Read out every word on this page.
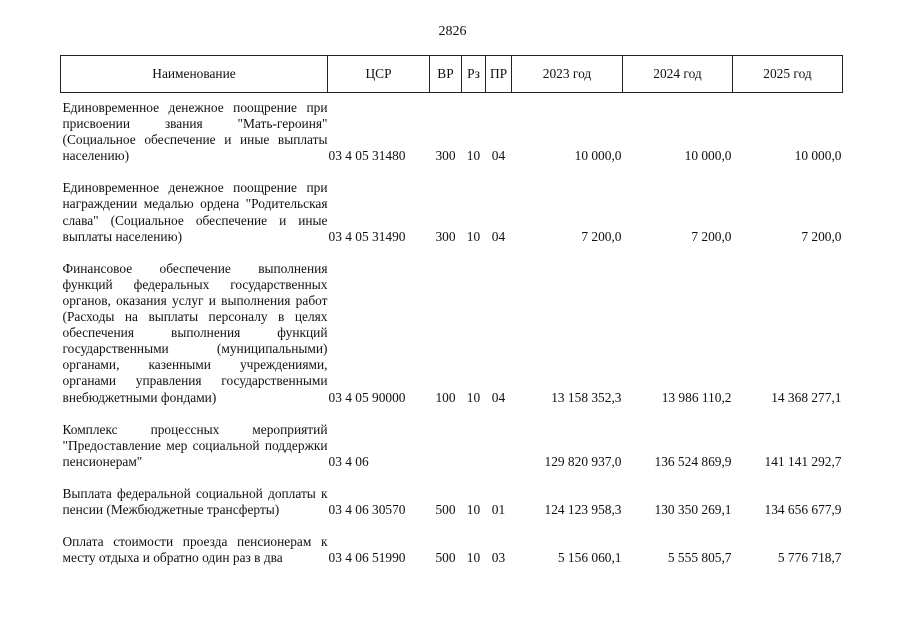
2826
Наименование	ЦСР	ВР	Рз	ПР	2023 год	2024 год	2025 год
Единовременное денежное поощрение при присвоении звания "Мать-героиня" (Социальное обеспечение и иные выплаты населению)	03 4 05 31480	300	10	04	10 000,0	10 000,0	10 000,0
Единовременное денежное поощрение при награждении медалью ордена "Родительская слава" (Социальное обеспечение и иные выплаты населению)	03 4 05 31490	300	10	04	7 200,0	7 200,0	7 200,0
Финансовое обеспечение выполнения функций федеральных государственных органов, оказания услуг и выполнения работ (Расходы на выплаты персоналу в целях обеспечения выполнения функций государственными (муниципальными) органами, казенными учреждениями, органами управления государственными внебюджетными фондами)	03 4 05 90000	100	10	04	13 158 352,3	13 986 110,2	14 368 277,1
Комплекс процессных мероприятий "Предоставление мер социальной поддержки пенсионерам"	03 4 06				129 820 937,0	136 524 869,9	141 141 292,7
Выплата федеральной социальной доплаты к пенсии (Межбюджетные трансферты)	03 4 06 30570	500	10	01	124 123 958,3	130 350 269,1	134 656 677,9
Оплата стоимости проезда пенсионерам к месту отдыха и обратно один раз в два	03 4 06 51990	500	10	03	5 156 060,1	5 555 805,7	5 776 718,7
